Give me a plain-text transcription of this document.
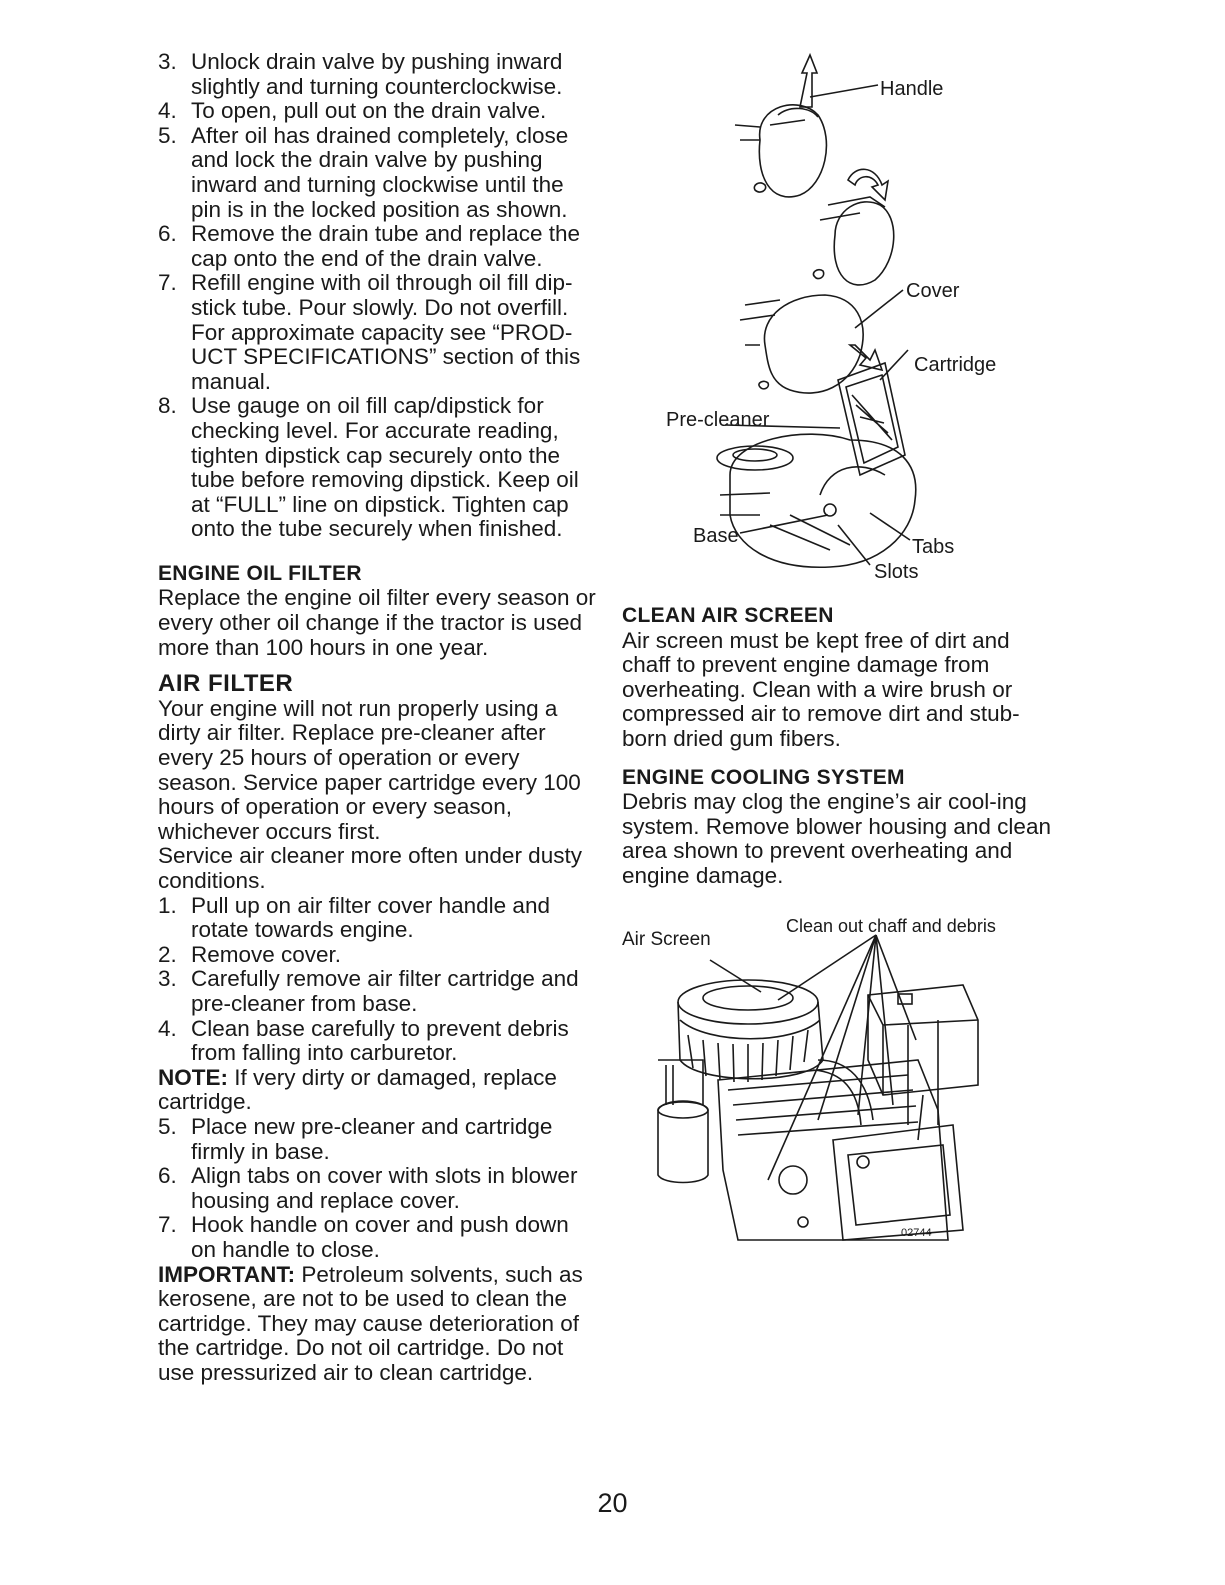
3. Unlock drain valve by pushing inward slightly and turning counterclockwise.
4. To open, pull out on the drain valve.
5. After oil has drained completely, close and lock the drain valve by pushing inward and turning clockwise until the pin is in the locked position as shown.
6. Remove the drain tube and replace the cap onto the end of the drain valve.
7. Refill engine with oil through oil fill dip-stick tube. Pour slowly. Do not overfill. For approximate capacity see “PROD-UCT SPECIFICATIONS” section of this manual.
8. Use gauge on oil fill cap/dipstick for checking level. For accurate reading, tighten dipstick cap securely onto the tube before removing dipstick. Keep oil at “FULL” line on dipstick. Tighten cap onto the tube securely when finished.
ENGINE OIL FILTER

Replace the engine oil filter every season or every other oil change if the tractor is used more than 100 hours in one year.

AIR FILTER

Your engine will not run properly using a dirty air filter. Replace pre-cleaner after every 25 hours of operation or every season. Service paper cartridge every 100 hours of operation or every season, whichever occurs first.

Service air cleaner more often under dusty conditions.

1. Pull up on air filter cover handle and rotate towards engine.
2. Remove cover.
3. Carefully remove air filter cartridge and pre-cleaner from base.
4. Clean base carefully to prevent debris from falling into carburetor.

NOTE: If very dirty or damaged, replace cartridge.

5. Place new pre-cleaner and cartridge firmly in base.
6. Align tabs on cover with slots in blower housing and replace cover.
7. Hook handle on cover and push down on handle to close.

IMPORTANT: Petroleum solvents, such as kerosene, are not to be used to clean the cartridge. They may cause deterioration of the cartridge. Do not oil cartridge. Do not use pressurized air to clean cartridge.

Handle
Cover
Cartridge
Pre-cleaner
Base	Tabs
Slots
CLEAN AIR SCREEN

Air screen must be kept free of dirt and chaff to prevent engine damage from overheating. Clean with a wire brush or compressed air to remove dirt and stub-born dried gum fibers.

ENGINE COOLING SYSTEM

Debris may clog the engine’s air cool-ing system. Remove blower housing and clean area shown to prevent overheating and engine damage.

Air Screen
Clean out chaff and debris
02744
20
